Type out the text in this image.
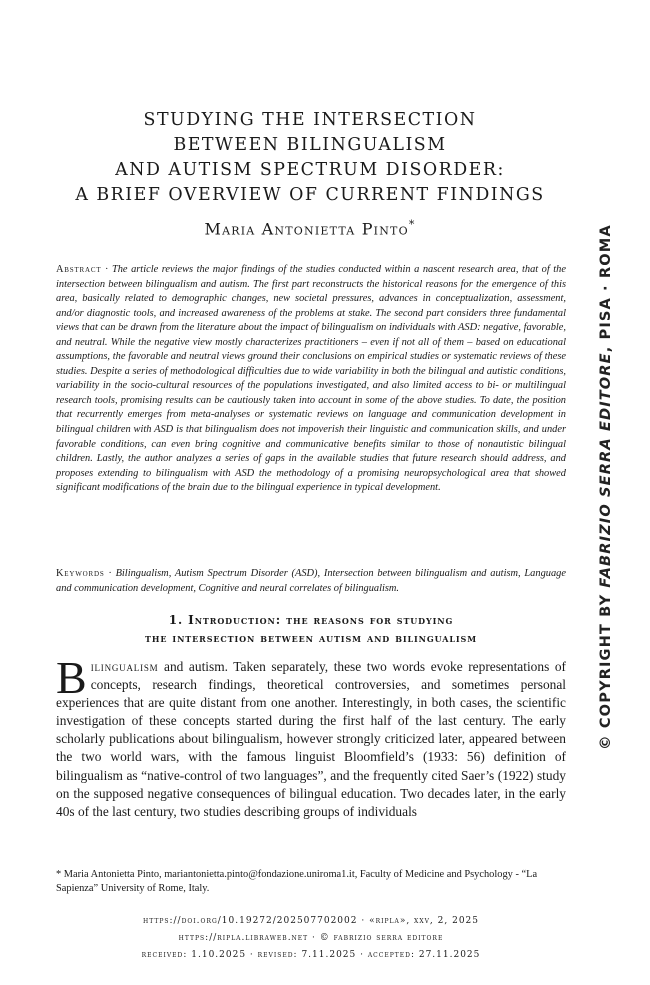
STUDYING THE INTERSECTION
BETWEEN BILINGUALISM
AND AUTISM SPECTRUM DISORDER:
A BRIEF OVERVIEW OF CURRENT FINDINGS
Maria Antonietta Pinto*

Abstract · The article reviews the major findings of the studies conducted within a nascent research area, that of the intersection between bilingualism and autism. The first part reconstructs the historical reasons for the emergence of this area, basically related to demographic changes, new societal pressures, advances in conceptualization, assessment, and/or diagnostic tools, and increased awareness of the problems at stake. The second part considers three fundamental views that can be drawn from the literature about the impact of bilingualism on individuals with ASD: negative, favorable, and neutral. While the negative view mostly characterizes practitioners – even if not all of them – based on educational assumptions, the favorable and neutral views ground their conclusions on empirical studies or systematic reviews of these studies. Despite a series of methodological difficulties due to wide variability in both the bilingual and autistic conditions, variability in the socio-cultural resources of the populations investigated, and also limited access to bi- or multilingual research tools, promising results can be cautiously taken into account in some of the above studies. To date, the position that recurrently emerges from meta-analyses or systematic reviews on language and communication development in bilingual children with ASD is that bilingualism does not impoverish their linguistic and communication skills, and under favorable conditions, can even bring cognitive and communicative benefits similar to those of nonautistic bilingual children. Lastly, the author analyzes a series of gaps in the available studies that future research should address, and proposes extending to bilingualism with ASD the methodology of a promising neuropsychological area that showed significant modifications of the brain due to the bilingual experience in typical development.

Keywords · Bilingualism, Autism Spectrum Disorder (ASD), Intersection between bilingualism and autism, Language and communication development, Cognitive and neural correlates of bilingualism.

1. Introduction: the reasons for studying
the intersection between autism and bilingualism

Bilingualism and autism. Taken separately, these two words evoke representations of concepts, research findings, theoretical controversies, and sometimes personal experiences that are quite distant from one another. Interestingly, in both cases, the scientific investigation of these concepts started during the first half of the last century. The early scholarly publications about bilingualism, however strongly criticized later, appeared between the two world wars, with the famous linguist Bloomfield’s (1933: 56) definition of bilingualism as “native-control of two languages”, and the frequently cited Saer’s (1922) study on the supposed negative consequences of bilingual education. Two decades later, in the early 40s of the last century, two studies describing groups of individuals

* Maria Antonietta Pinto, mariantonietta.pinto@fondazione.uniroma1.it, Faculty of Medicine and Psychology - “La Sapienza” University of Rome, Italy.

https://doi.org/10.19272/202507702002 · «ripla», xxv, 2, 2025
https://ripla.libraweb.net · © fabrizio serra editore
received: 1.10.2025 · revised: 7.11.2025 · accepted: 27.11.2025
© COPYRIGHT BY FABRIZIO SERRA EDITORE, PISA · ROMA
